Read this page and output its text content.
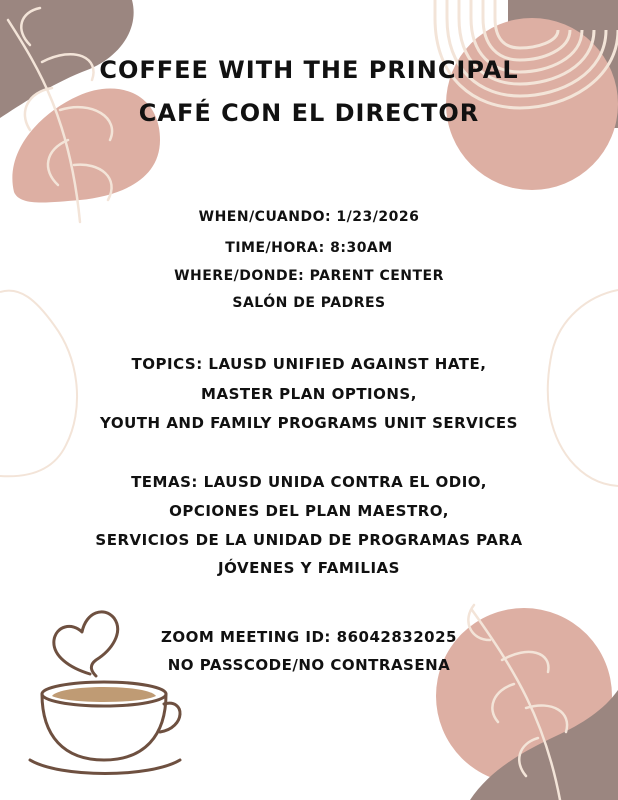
COFFEE WITH THE PRINCIPAL
CAFÉ CON EL DIRECTOR
WHEN/CUANDO: 1/23/2026
TIME/HORA: 8:30AM
WHERE/DONDE: PARENT CENTER
SALÓN DE PADRES
TOPICS: LAUSD UNIFIED AGAINST HATE,
MASTER PLAN OPTIONS,
YOUTH AND FAMILY PROGRAMS UNIT SERVICES
TEMAS: LAUSD UNIDA CONTRA EL ODIO,
OPCIONES DEL PLAN MAESTRO,
SERVICIOS DE LA UNIDAD DE PROGRAMAS PARA
JÓVENES Y FAMILIAS
ZOOM MEETING ID: 86042832025
NO PASSCODE/NO CONTRASENA
